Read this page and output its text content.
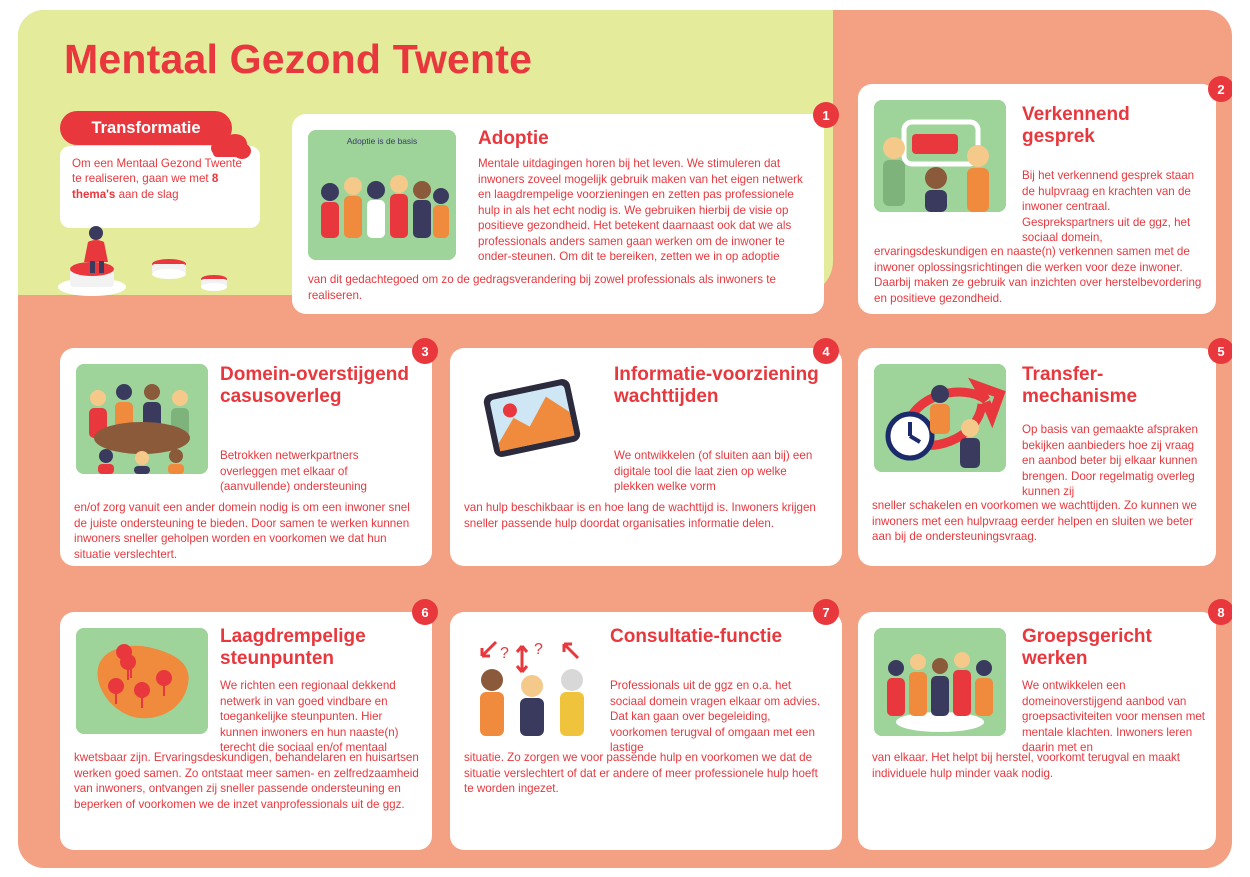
Mentaal Gezond Twente
Transformatie
Om een Mentaal Gezond Twente te realiseren, gaan we met 8 thema's aan de slag
1
2
3	4	5
6	7	8
Adoptie is de basis	Adoptie
Mentale uitdagingen horen bij het leven. We stimuleren dat inwoners zoveel mogelijk gebruik maken van het eigen netwerk en laagdrempelige voorzieningen en zetten pas professionele hulp in als het echt nodig is. We gebruiken hierbij de visie op positieve gezondheid. Het betekent daarnaast ook dat we als professionals anders samen gaan werken om de inwoner te onder-steunen. Om dit te bereiken, zetten we in op adoptie
van dit gedachtegoed om zo de gedragsverandering bij zowel professionals als inwoners te realiseren.
Verkennend gesprek
Bij het verkennend gesprek staan de hulpvraag en krachten van de inwoner centraal. Gesprekspartners uit de ggz, het sociaal domein,
ervaringsdeskundigen en naaste(n) verkennen samen met de inwoner oplossingsrichtingen die werken voor deze inwoner. Daarbij maken ze gebruik van inzichten over herstelbevordering en positieve gezondheid.
Domein-overstijgend casusoverleg
Betrokken netwerkpartners overleggen met elkaar of (aanvullende) ondersteuning
en/of zorg vanuit een ander domein nodig is om een inwoner snel de juiste ondersteuning te bieden. Door samen te werken kunnen inwoners sneller geholpen worden en voorkomen we dat hun situatie verslechtert.
Informatie-voorziening wachttijden
We ontwikkelen (of sluiten aan bij) een digitale tool die laat zien op welke plekken welke vorm
van hulp beschikbaar is en hoe lang de wachttijd is. Inwoners krijgen sneller passende hulp doordat organisaties informatie delen.
Transfer-mechanisme
Op basis van gemaakte afspraken bekijken aanbieders hoe zij vraag en aanbod beter bij elkaar kunnen brengen. Door regelmatig overleg kunnen zij
sneller schakelen en voorkomen we wachttijden. Zo kunnen we inwoners met een hulpvraag eerder helpen en sluiten we beter aan bij de ondersteuningsvraag.
Laagdrempelige steunpunten
We richten een regionaal dekkend netwerk in van goed vindbare en toegankelijke steunpunten. Hier kunnen inwoners en hun naaste(n) terecht die sociaal en/of mentaal
kwetsbaar zijn. Ervaringsdeskundigen, behandelaren en huisartsen werken goed samen. Zo ontstaat meer samen- en zelfredzaamheid van inwoners, ontvangen zij sneller passende ondersteuning en beperken of voorkomen we de inzet vanprofessionals uit de ggz.
? ?
Consultatie-functie
Professionals uit de ggz en o.a. het sociaal domein vragen elkaar om advies. Dat kan gaan over begeleiding, voorkomen terugval of omgaan met een lastige
situatie. Zo zorgen we voor passende hulp en voorkomen we dat de situatie verslechtert of dat er andere of meer professionele hulp hoeft te worden ingezet.
Groepsgericht werken
We ontwikkelen een domeinoverstijgend aanbod van groepsactiviteiten voor mensen met mentale klachten. Inwoners leren daarin met en
van elkaar. Het helpt bij herstel, voorkomt terugval en maakt individuele hulp minder vaak nodig.
